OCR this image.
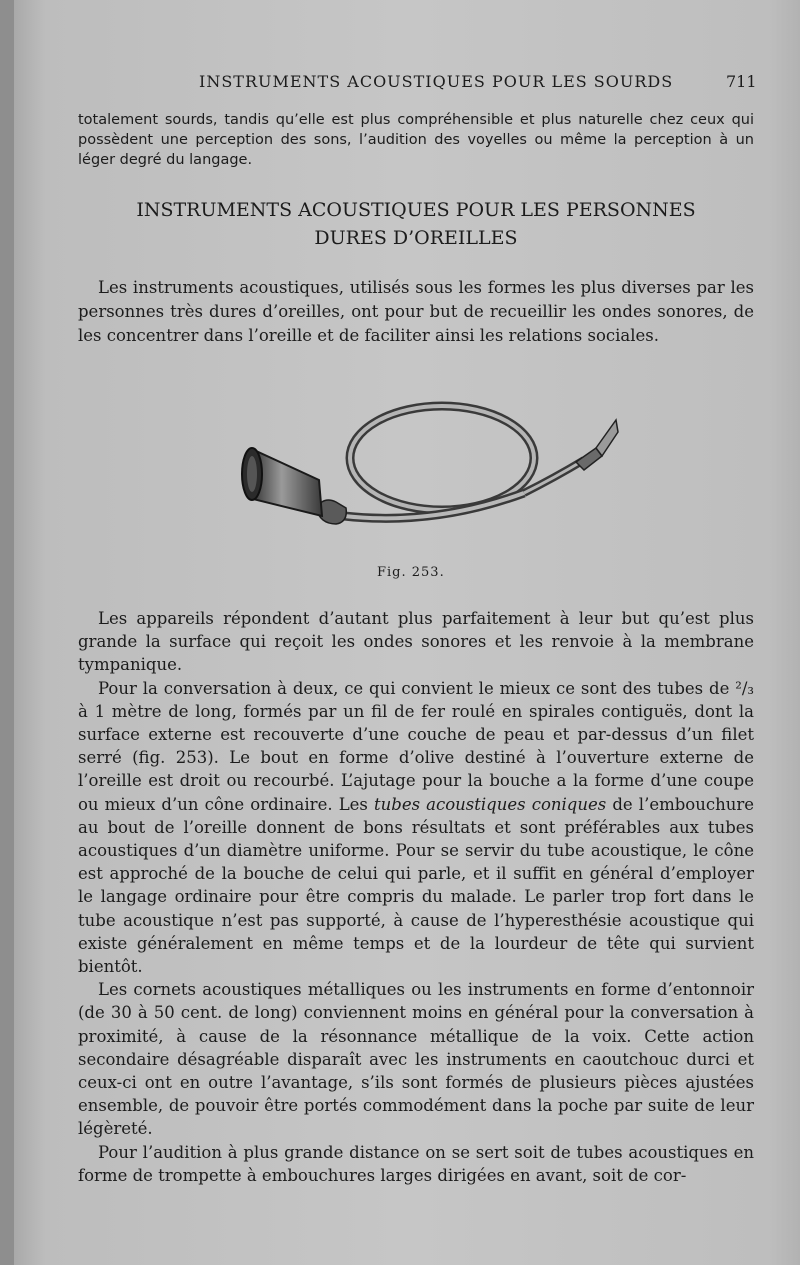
INSTRUMENTS ACOUSTIQUES POUR LES SOURDS	711

totalement sourds, tandis qu’elle est plus compréhensible et plus naturelle chez ceux qui possèdent une perception des sons, l’audition des voyelles ou même la perception à un léger degré du langage.

INSTRUMENTS ACOUSTIQUES POUR LES PERSONNES
DURES D’OREILLES

Les instruments acoustiques, utilisés sous les formes les plus diverses par les personnes très dures d’oreilles, ont pour but de recueillir les ondes sonores, de les concentrer dans l’oreille et de faciliter ainsi les relations sociales.

Fig. 253.

Les appareils répondent d’autant plus parfaitement à leur but qu’est plus grande la surface qui reçoit les ondes sonores et les renvoie à la membrane tympanique.

Pour la conversation à deux, ce qui convient le mieux ce sont des tubes de ²/₃ à 1 mètre de long, formés par un fil de fer roulé en spirales contiguës, dont la surface externe est recouverte d’une couche de peau et par-dessus d’un filet serré (fig. 253). Le bout en forme d’olive destiné à l’ouverture externe de l’oreille est droit ou recourbé. L’ajutage pour la bouche a la forme d’une coupe ou mieux d’un cône ordinaire. Les tubes acoustiques coniques de l’embouchure au bout de l’oreille donnent de bons résultats et sont préférables aux tubes acoustiques d’un diamètre uniforme. Pour se servir du tube acoustique, le cône est approché de la bouche de celui qui parle, et il suffit en général d’employer le langage ordinaire pour être compris du malade. Le parler trop fort dans le tube acoustique n’est pas supporté, à cause de l’hyperesthésie acoustique qui existe généralement en même temps et de la lourdeur de tête qui survient bientôt.

Les cornets acoustiques métalliques ou les instruments en forme d’entonnoir (de 30 à 50 cent. de long) conviennent moins en général pour la conversation à proximité, à cause de la résonnance métallique de la voix. Cette action secondaire désagréable disparaît avec les instruments en caoutchouc durci et ceux-ci ont en outre l’avantage, s’ils sont formés de plusieurs pièces ajustées ensemble, de pouvoir être portés commodément dans la poche par suite de leur légèreté.

Pour l’audition à plus grande distance on se sert soit de tubes acoustiques en forme de trompette à embouchures larges dirigées en avant, soit de cor-
